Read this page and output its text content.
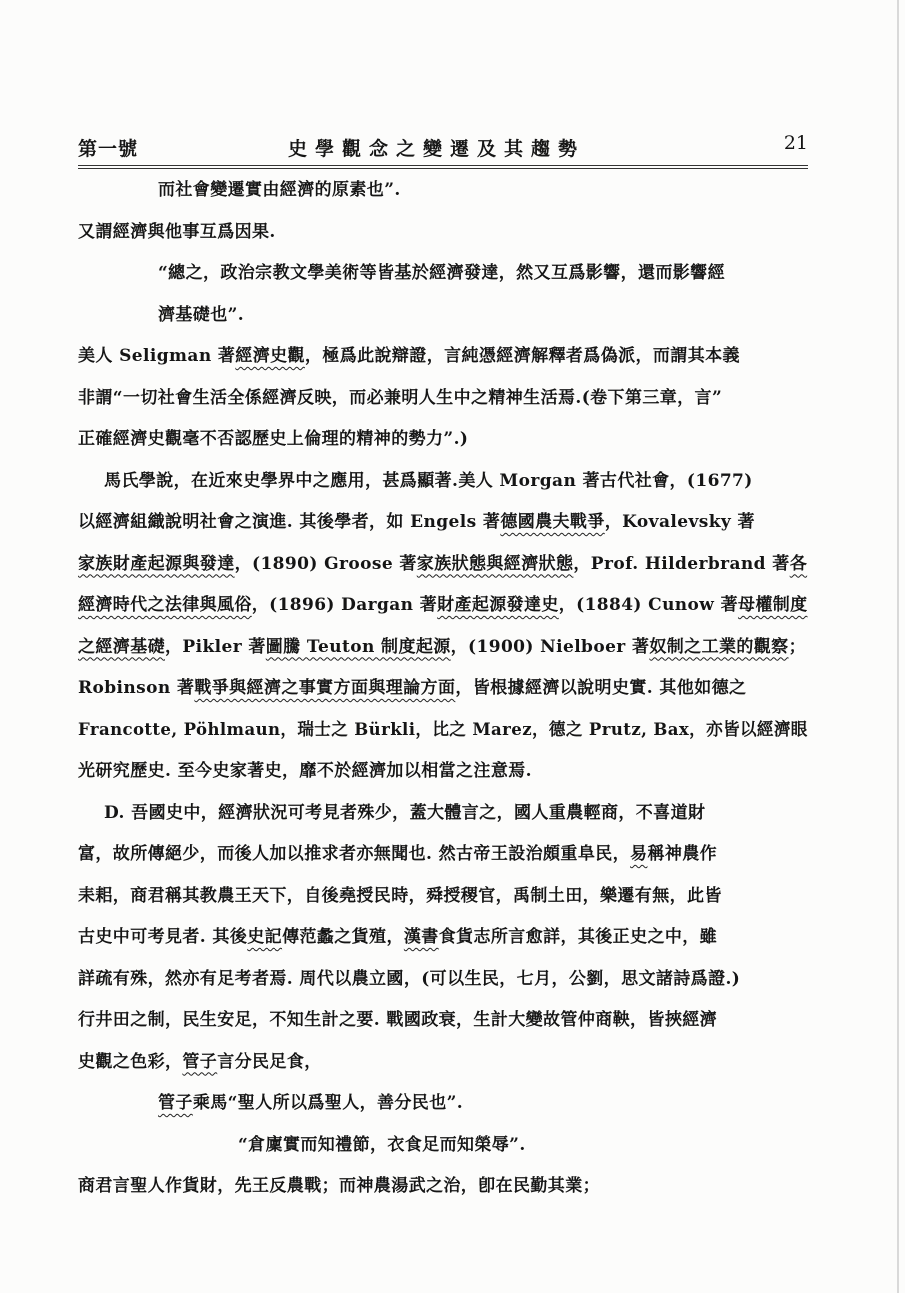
第一號	史學觀念之變遷及其趨勢	21
而社會變遷實由經濟的原素也”.
又謂經濟與他事互爲因果.
“總之，政治宗教文學美術等皆基於經濟發達，然又互爲影響，還而影響經
濟基礎也”.
美人 Seligman 著經濟史觀，極爲此說辯證，言純憑經濟解釋者爲偽派，而謂其本義
非謂“一切社會生活全係經濟反映，而必兼明人生中之精神生活焉.(卷下第三章，言”
正確經濟史觀毫不否認歷史上倫理的精神的勢力”.)
馬氏學說，在近來史學界中之應用，甚爲顯著.美人 Morgan 著古代社會，(1677)
以經濟組織說明社會之演進. 其後學者，如 Engels 著德國農夫戰爭，Kovalevsky 著
家族財產起源與發達，(1890) Groose 著家族狀態與經濟狀態，Prof. Hilderbrand 著各
經濟時代之法律與風俗，(1896) Dargan 著財產起源發達史，(1884) Cunow 著母權制度
之經濟基礎，Pikler 著圖騰 Teuton 制度起源，(1900) Nielboer 著奴制之工業的觀察；
Robinson 著戰爭與經濟之事實方面與理論方面，皆根據經濟以說明史實. 其他如德之
Francotte, Pöhlmaun，瑞士之 Bürkli，比之 Marez，德之 Prutz, Bax，亦皆以經濟眼
光研究歷史. 至今史家著史，靡不於經濟加以相當之注意焉.
D. 吾國史中，經濟狀況可考見者殊少，蓋大體言之，國人重農輕商，不喜道財
富，故所傳絕少，而後人加以推求者亦無聞也. 然古帝王設治頗重阜民，易稱神農作
耒耜，商君稱其教農王天下，自後堯授民時，舜授稷官，禹制土田，樂遷有無，此皆
古史中可考見者. 其後史記傳范蠡之貨殖，漢書食貨志所言愈詳，其後正史之中，雖
詳疏有殊，然亦有足考者焉. 周代以農立國，(可以生民，七月，公劉，思文諸詩爲證.)
行井田之制，民生安足，不知生計之要. 戰國政衰，生計大變故管仲商鞅，皆挾經濟
史觀之色彩，管子言分民足食，
管子乘馬“聖人所以爲聖人，善分民也”.
“倉廩實而知禮節，衣食足而知榮辱”.
商君言聖人作貨財，先王反農戰；而神農湯武之治，卽在民勤其業；
